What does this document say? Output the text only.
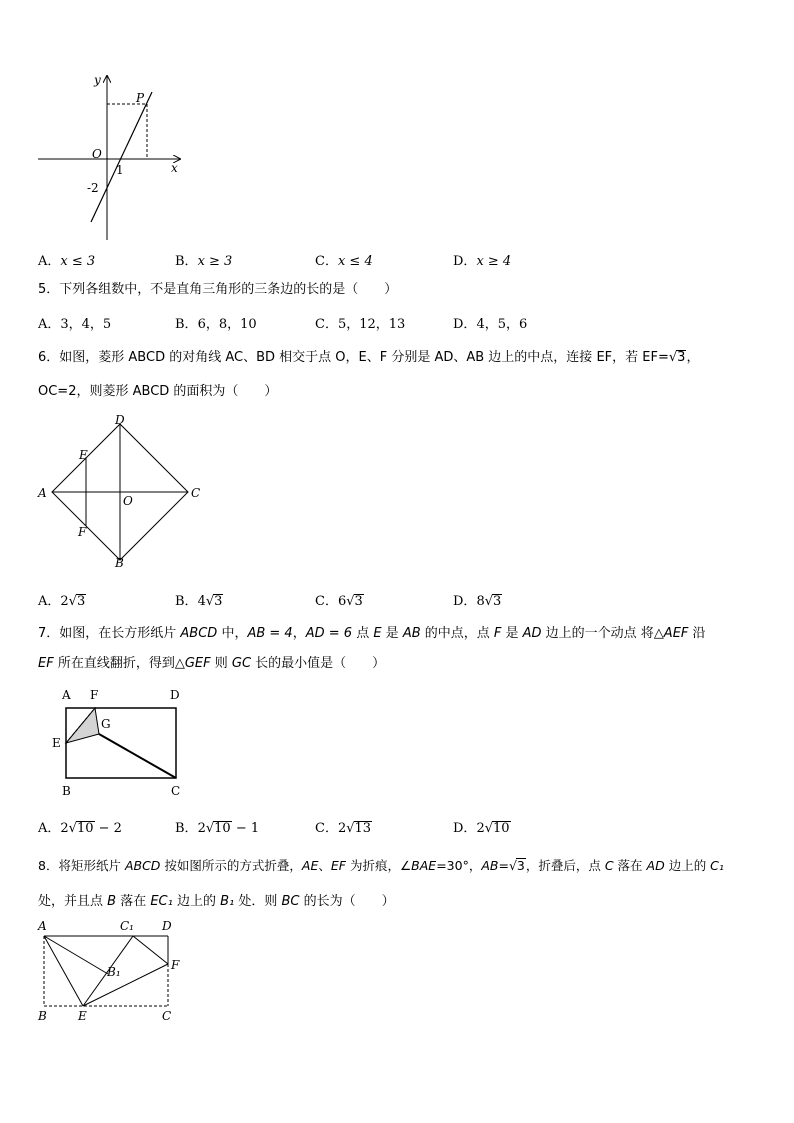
y
P
O
x
1
-2
A．x ≤ 3	B．x ≥ 3	C．x ≤ 4	D．x ≥ 4
5．下列各组数中，不是直角三角形的三条边的长的是（　　）
A．3，4，5	B．6，8，10	C．5，12，13	D．4，5，6
6．如图，菱形 ABCD 的对角线 AC、BD 相交于点 O，E、F 分别是 AD、AB 边上的中点，连接 EF，若 EF=√3，
OC=2，则菱形 ABCD 的面积为（　　）
D
E
A
O
C
F
B
A．2√3	B．4√3	C．6√3	D．8√3
7．如图，在长方形纸片 ABCD 中，AB = 4，AD = 6 点 E 是 AB 的中点，点 F 是 AD 边上的一个动点 将△AEF 沿
EF 所在直线翻折，得到△GEF 则 GC 长的最小值是（　　）
A F	D
G
E
B	C
A．2√10 − 2	B．2√10 − 1	C．2√13	D．2√10
8．将矩形纸片 ABCD 按如图所示的方式折叠，AE、EF 为折痕，∠BAE=30°，AB=√3，折叠后，点 C 落在 AD 边上的 C₁
处，并且点 B 落在 EC₁ 边上的 B₁ 处．则 BC 的长为（　　）
A	C₁ D
B₁	F
B	E	C
